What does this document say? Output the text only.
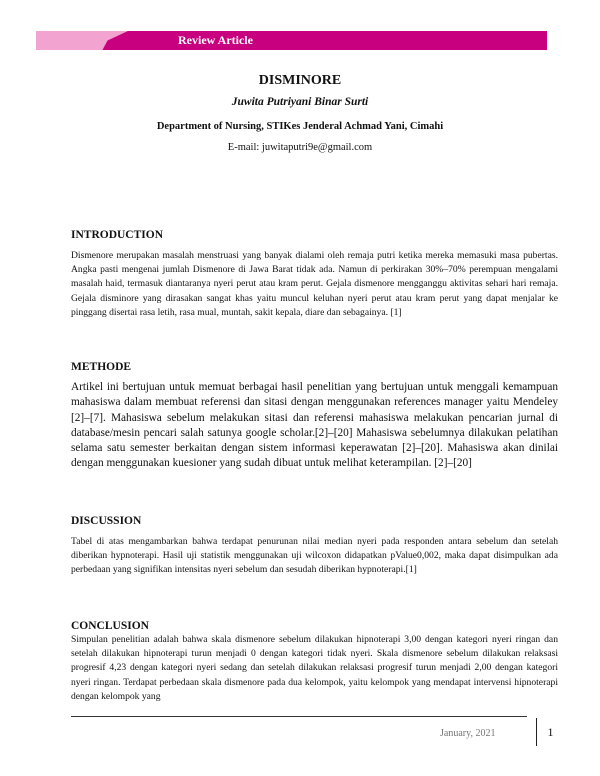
Review Article
DISMINORE
Juwita Putriyani Binar Surti
Department of Nursing, STIKes Jenderal Achmad Yani, Cimahi
E-mail: juwitaputri9e@gmail.com
INTRODUCTION

Dismenore merupakan masalah menstruasi yang banyak dialami oleh remaja putri ketika mereka memasuki masa pubertas. Angka pasti mengenai jumlah Dismenore di Jawa Barat tidak ada. Namun di perkirakan 30%–70% perempuan mengalami masalah haid, termasuk diantaranya nyeri perut atau kram perut. Gejala dismenore mengganggu aktivitas sehari hari remaja. Gejala disminore yang dirasakan sangat khas yaitu muncul keluhan nyeri perut atau kram perut yang dapat menjalar ke pinggang disertai rasa letih, rasa mual, muntah, sakit kepala, diare dan sebagainya. [1]

METHODE

Artikel ini bertujuan untuk memuat berbagai hasil penelitian yang bertujuan untuk menggali kemampuan mahasiswa dalam membuat referensi dan sitasi dengan menggunakan references manager yaitu Mendeley [2]–[7]. Mahasiswa sebelum melakukan sitasi dan referensi mahasiswa melakukan pencarian jurnal di database/mesin pencari salah satunya google scholar.[2]–[20] Mahasiswa sebelumnya dilakukan pelatihan selama satu semester berkaitan dengan sistem informasi keperawatan [2]–[20]. Mahasiswa akan dinilai dengan menggunakan kuesioner yang sudah dibuat untuk melihat keterampilan. [2]–[20]

DISCUSSION

Tabel di atas mengambarkan bahwa terdapat penurunan nilai median nyeri pada responden antara sebelum dan setelah diberikan hypnoterapi. Hasil uji statistik menggunakan uji wilcoxon didapatkan pValue0,002, maka dapat disimpulkan ada perbedaan yang signifikan intensitas nyeri sebelum dan sesudah diberikan hypnoterapi.[1]

CONCLUSION

Simpulan penelitian adalah bahwa skala dismenore sebelum dilakukan hipnoterapi 3,00 dengan kategori nyeri ringan dan setelah dilakukan hipnoterapi turun menjadi 0 dengan kategori tidak nyeri. Skala dismenore sebelum dilakukan relaksasi progresif 4,23 dengan kategori nyeri sedang dan setelah dilakukan relaksasi progresif turun menjadi 2,00 dengan kategori nyeri ringan. Terdapat perbedaan skala dismenore pada dua kelompok, yaitu kelompok yang mendapat intervensi hipnoterapi dengan kelompok yang

January, 2021	1
